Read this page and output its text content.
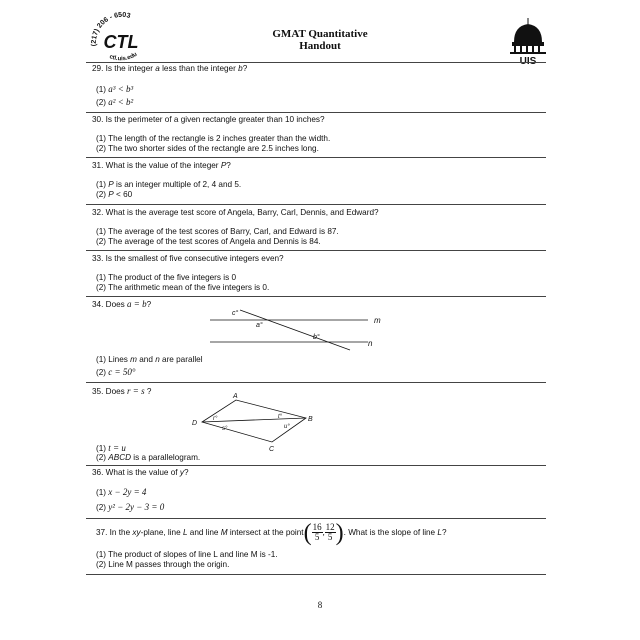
(217) 206 - 6503
CTL
ctl.uis.edu
GMAT Quantitative
Handout
UIS
29. Is the integer a less than the integer b?
(1) a³ < b³
(2) a² < b²
30. Is the perimeter of a given rectangle greater than 10 inches?
(1) The length of the rectangle is 2 inches greater than the width.
(2) The two shorter sides of the rectangle are 2.5 inches long.
31. What is the value of the integer P?
(1) P is an integer multiple of 2, 4 and 5.
(2) P < 60
32. What is the average test score of Angela, Barry, Carl, Dennis, and Edward?
(1) The average of the test scores of Barry, Carl, and Edward is 87.
(2) The average of the test scores of Angela and Dennis is 84.
33. Is the smallest of five consecutive integers even?
(1) The product of the five integers is 0
(2) The arithmetic mean of the five integers is 0.
34. Does a = b?
c°
a°
b°
m
n
(1) Lines m and n are parallel
(2) c = 50°
35. Does r = s ?
A
B
C
D
r°	t°
s°	u°
(1) t = u
(2) ABCD is a parallelogram.
36. What is the value of y?
(1) x − 2y = 4
(2) y² − 2y − 3 = 0
37. In the xy-plane, line L and line M intersect at the point( $\frac{16}{5}$ , $\frac{12}{5}$ ). What is the slope of line L?
(1) The product of slopes of line L and line M is -1.
(2) Line M passes through the origin.
8
